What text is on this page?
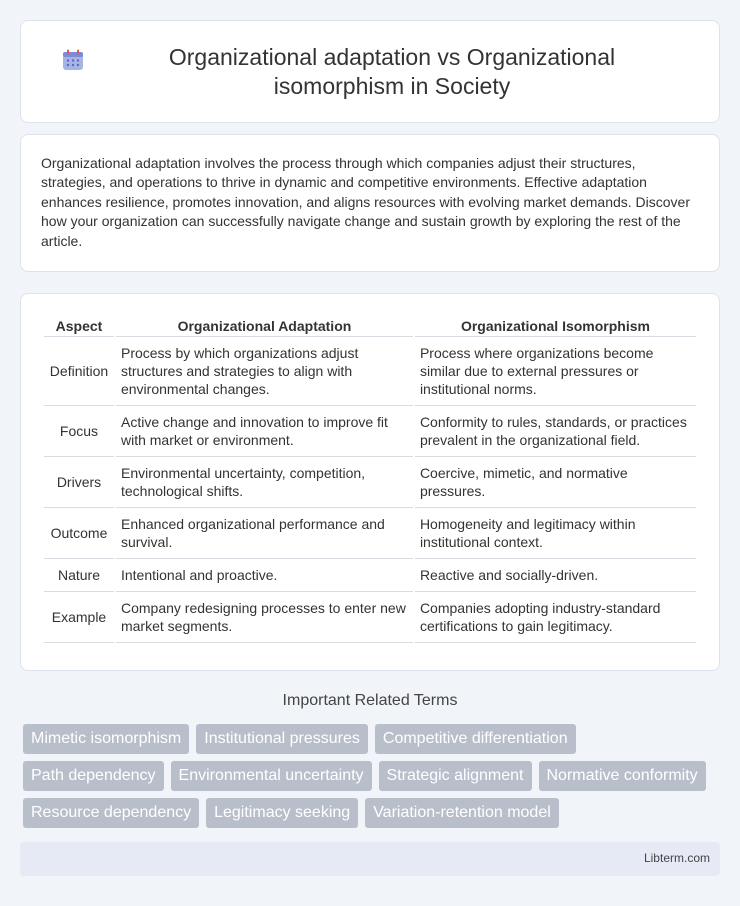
Organizational adaptation vs Organizational isomorphism in Society

Organizational adaptation involves the process through which companies adjust their structures, strategies, and operations to thrive in dynamic and competitive environments. Effective adaptation enhances resilience, promotes innovation, and aligns resources with evolving market demands. Discover how your organization can successfully navigate change and sustain growth by exploring the rest of the article.

Aspect	Organizational Adaptation	Organizational Isomorphism
Definition	Process by which organizations adjust structures and strategies to align with environmental changes.	Process where organizations become similar due to external pressures or institutional norms.
Focus	Active change and innovation to improve fit with market or environment.	Conformity to rules, standards, or practices prevalent in the organizational field.
Drivers	Environmental uncertainty, competition, technological shifts.	Coercive, mimetic, and normative pressures.
Outcome	Enhanced organizational performance and survival.	Homogeneity and legitimacy within institutional context.
Nature	Intentional and proactive.	Reactive and socially-driven.
Example	Company redesigning processes to enter new market segments.	Companies adopting industry-standard certifications to gain legitimacy.
Important Related Terms
Mimetic isomorphism	Institutional pressures	Competitive differentiation
Path dependency	Environmental uncertainty	Strategic alignment	Normative conformity
Resource dependency	Legitimacy seeking	Variation-retention model
Libterm.com
